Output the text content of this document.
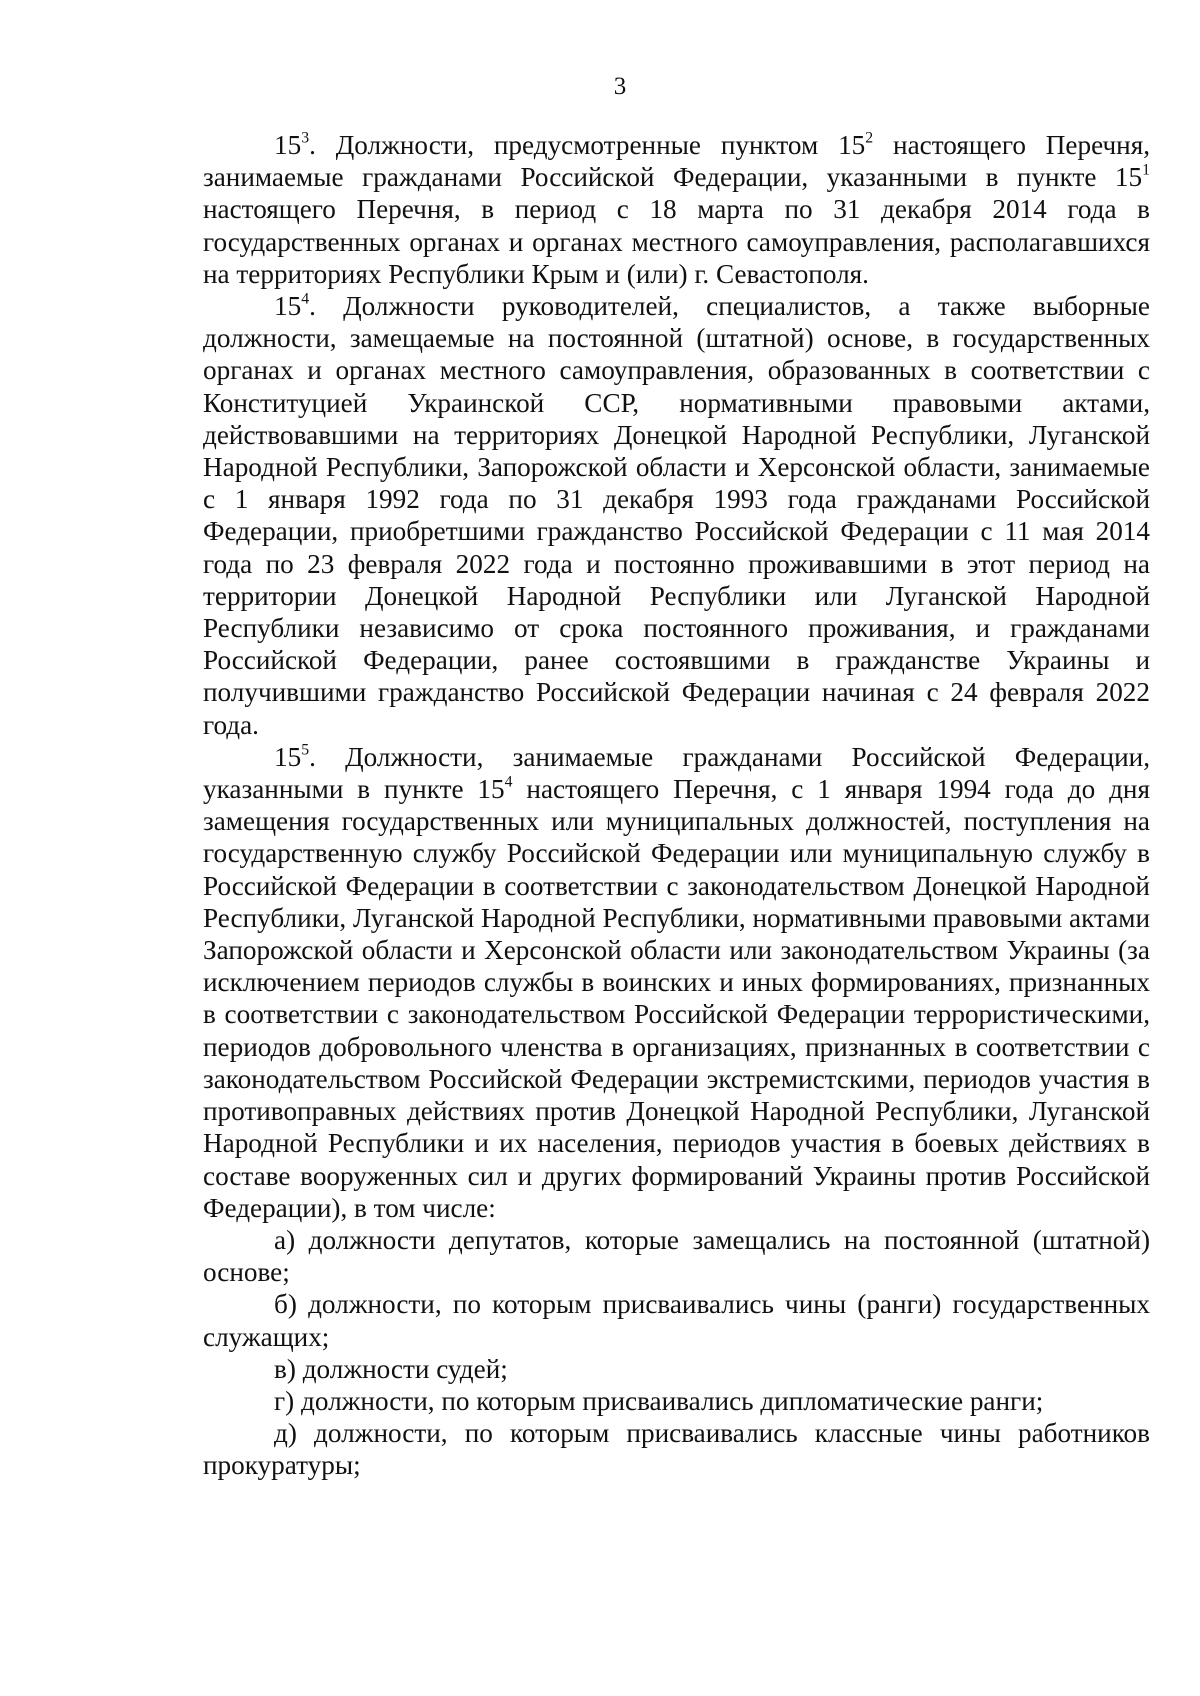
3

$15^3$. Должности, предусмотренные пунктом $15^2$ настоящего Перечня, занимаемые гражданами Российской Федерации, указанными в пункте $15^1$ настоящего Перечня, в период с 18 марта по 31 декабря 2014 года в государственных органах и органах местного самоуправления, располагавшихся на территориях Республики Крым и (или) г. Севастополя.

$15^4$. Должности руководителей, специалистов, а также выборные должности, замещаемые на постоянной (штатной) основе, в государственных органах и органах местного самоуправления, образованных в соответствии с Конституцией Украинской ССР, нормативными правовыми актами, действовавшими на территориях Донецкой Народной Республики, Луганской Народной Республики, Запорожской области и Херсонской области, занимаемые с 1 января 1992 года по 31 декабря 1993 года гражданами Российской Федерации, приобретшими гражданство Российской Федерации с 11 мая 2014 года по 23 февраля 2022 года и постоянно проживавшими в этот период на территории Донецкой Народной Республики или Луганской Народной Республики независимо от срока постоянного проживания, и гражданами Российской Федерации, ранее состоявшими в гражданстве Украины и получившими гражданство Российской Федерации начиная с 24 февраля 2022 года.

$15^5$. Должности, занимаемые гражданами Российской Федерации, указанными в пункте $15^4$ настоящего Перечня, с 1 января 1994 года до дня замещения государственных или муниципальных должностей, поступления на государственную службу Российской Федерации или муниципальную службу в Российской Федерации в соответствии с законодательством Донецкой Народной Республики, Луганской Народной Республики, нормативными правовыми актами Запорожской области и Херсонской области или законодательством Украины (за исключением периодов службы в воинских и иных формированиях, признанных в соответствии с законодательством Российской Федерации террористическими, периодов добровольного членства в организациях, признанных в соответствии с законодательством Российской Федерации экстремистскими, периодов участия в противоправных действиях против Донецкой Народной Республики, Луганской Народной Республики и их населения, периодов участия в боевых действиях в составе вооруженных сил и других формирований Украины против Российской Федерации), в том числе:

а) должности депутатов, которые замещались на постоянной (штатной) основе;

б) должности, по которым присваивались чины (ранги) государственных служащих;

в) должности судей;

г) должности, по которым присваивались дипломатические ранги;

д) должности, по которым присваивались классные чины работников прокуратуры;
